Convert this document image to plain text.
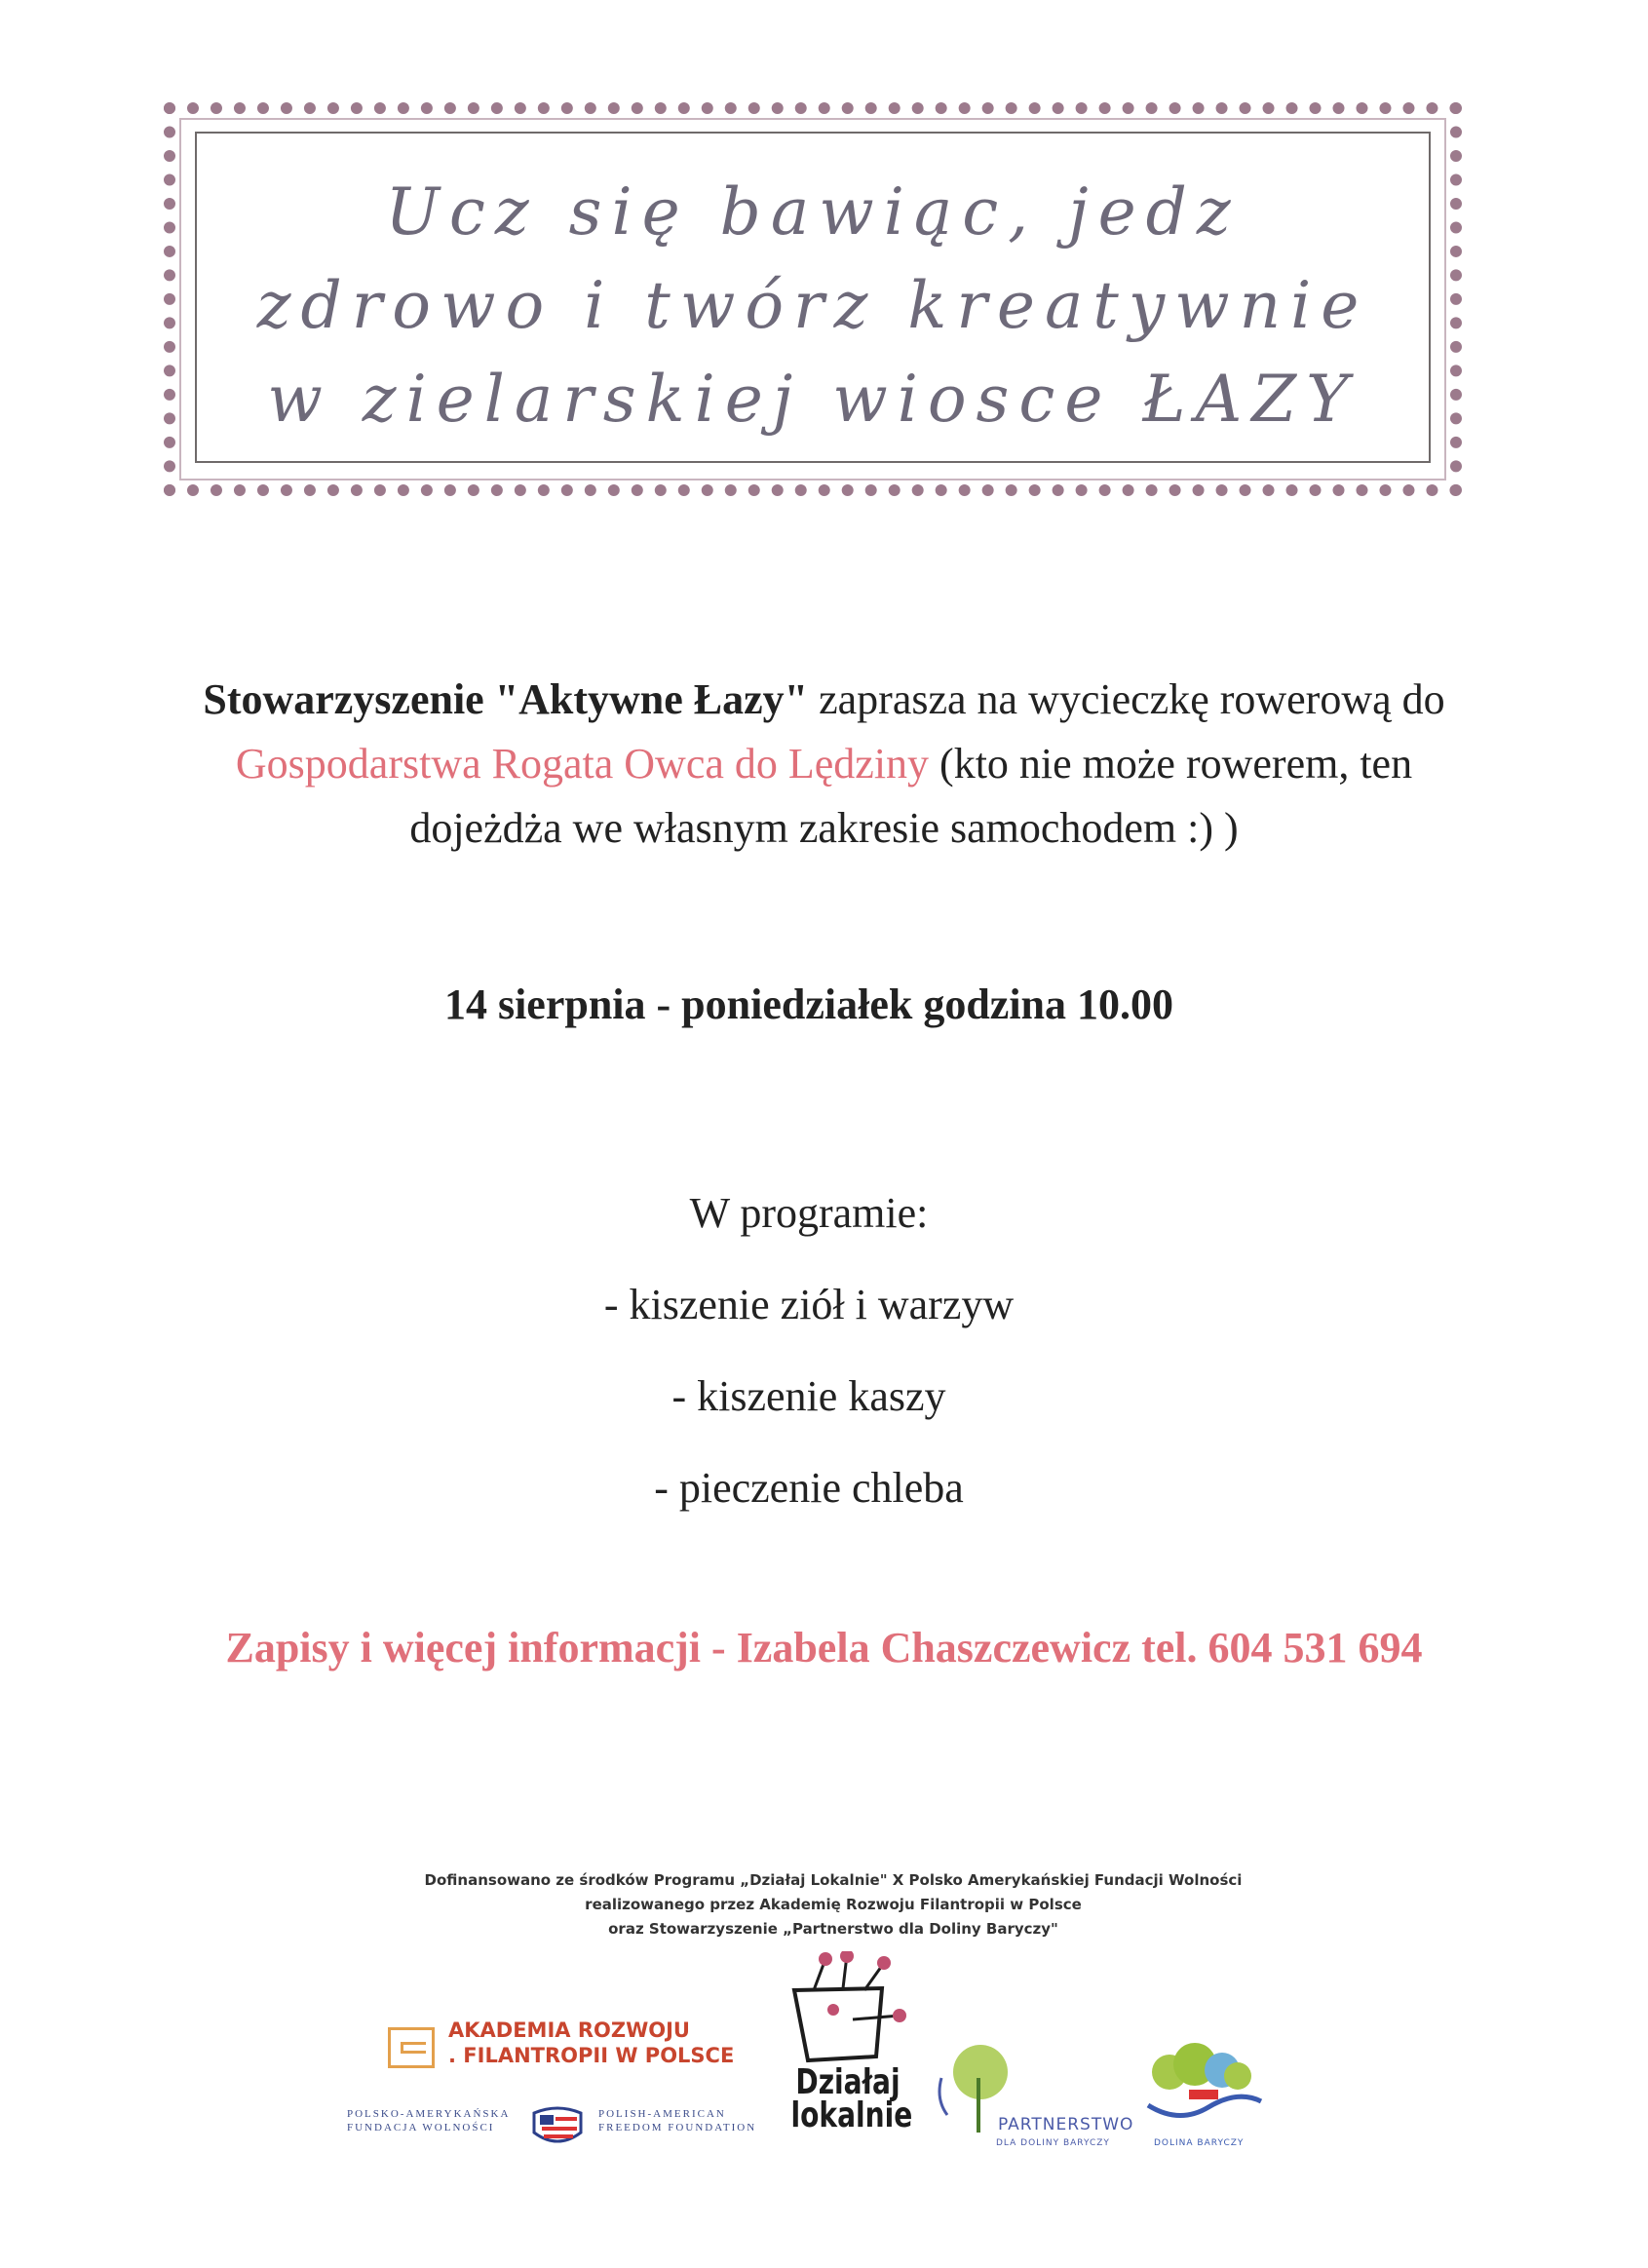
Ucz się bawiąc, jedz
zdrowo i twórz kreatywnie
w zielarskiej wiosce ŁAZY
Stowarzyszenie "Aktywne Łazy" zaprasza na wycieczkę rowerową do
Gospodarstwa Rogata Owca do Lędziny (kto nie może rowerem, ten
dojeżdża we własnym zakresie samochodem :) )
14 sierpnia - poniedziałek godzina 10.00
W programie:
- kiszenie ziół i warzyw
- kiszenie kaszy
- pieczenie chleba
Zapisy i więcej informacji - Izabela Chaszczewicz tel. 604 531 694
Dofinansowano ze środków Programu „Działaj Lokalnie" X Polsko Amerykańskiej Fundacji Wolności
realizowanego przez Akademię Rozwoju Filantropii w Polsce
oraz Stowarzyszenie „Partnerstwo dla Doliny Baryczy"
AKADEMIA ROZWOJU
. FILANTROPII W POLSCE
POLSKO-AMERYKAŃSKA
FUNDACJA WOLNOŚCI
POLISH-AMERICAN
FREEDOM FOUNDATION
Działaj
lokalnie	PARTNERSTWO
DLA DOLINY BARYCZY	DOLINA BARYCZY
